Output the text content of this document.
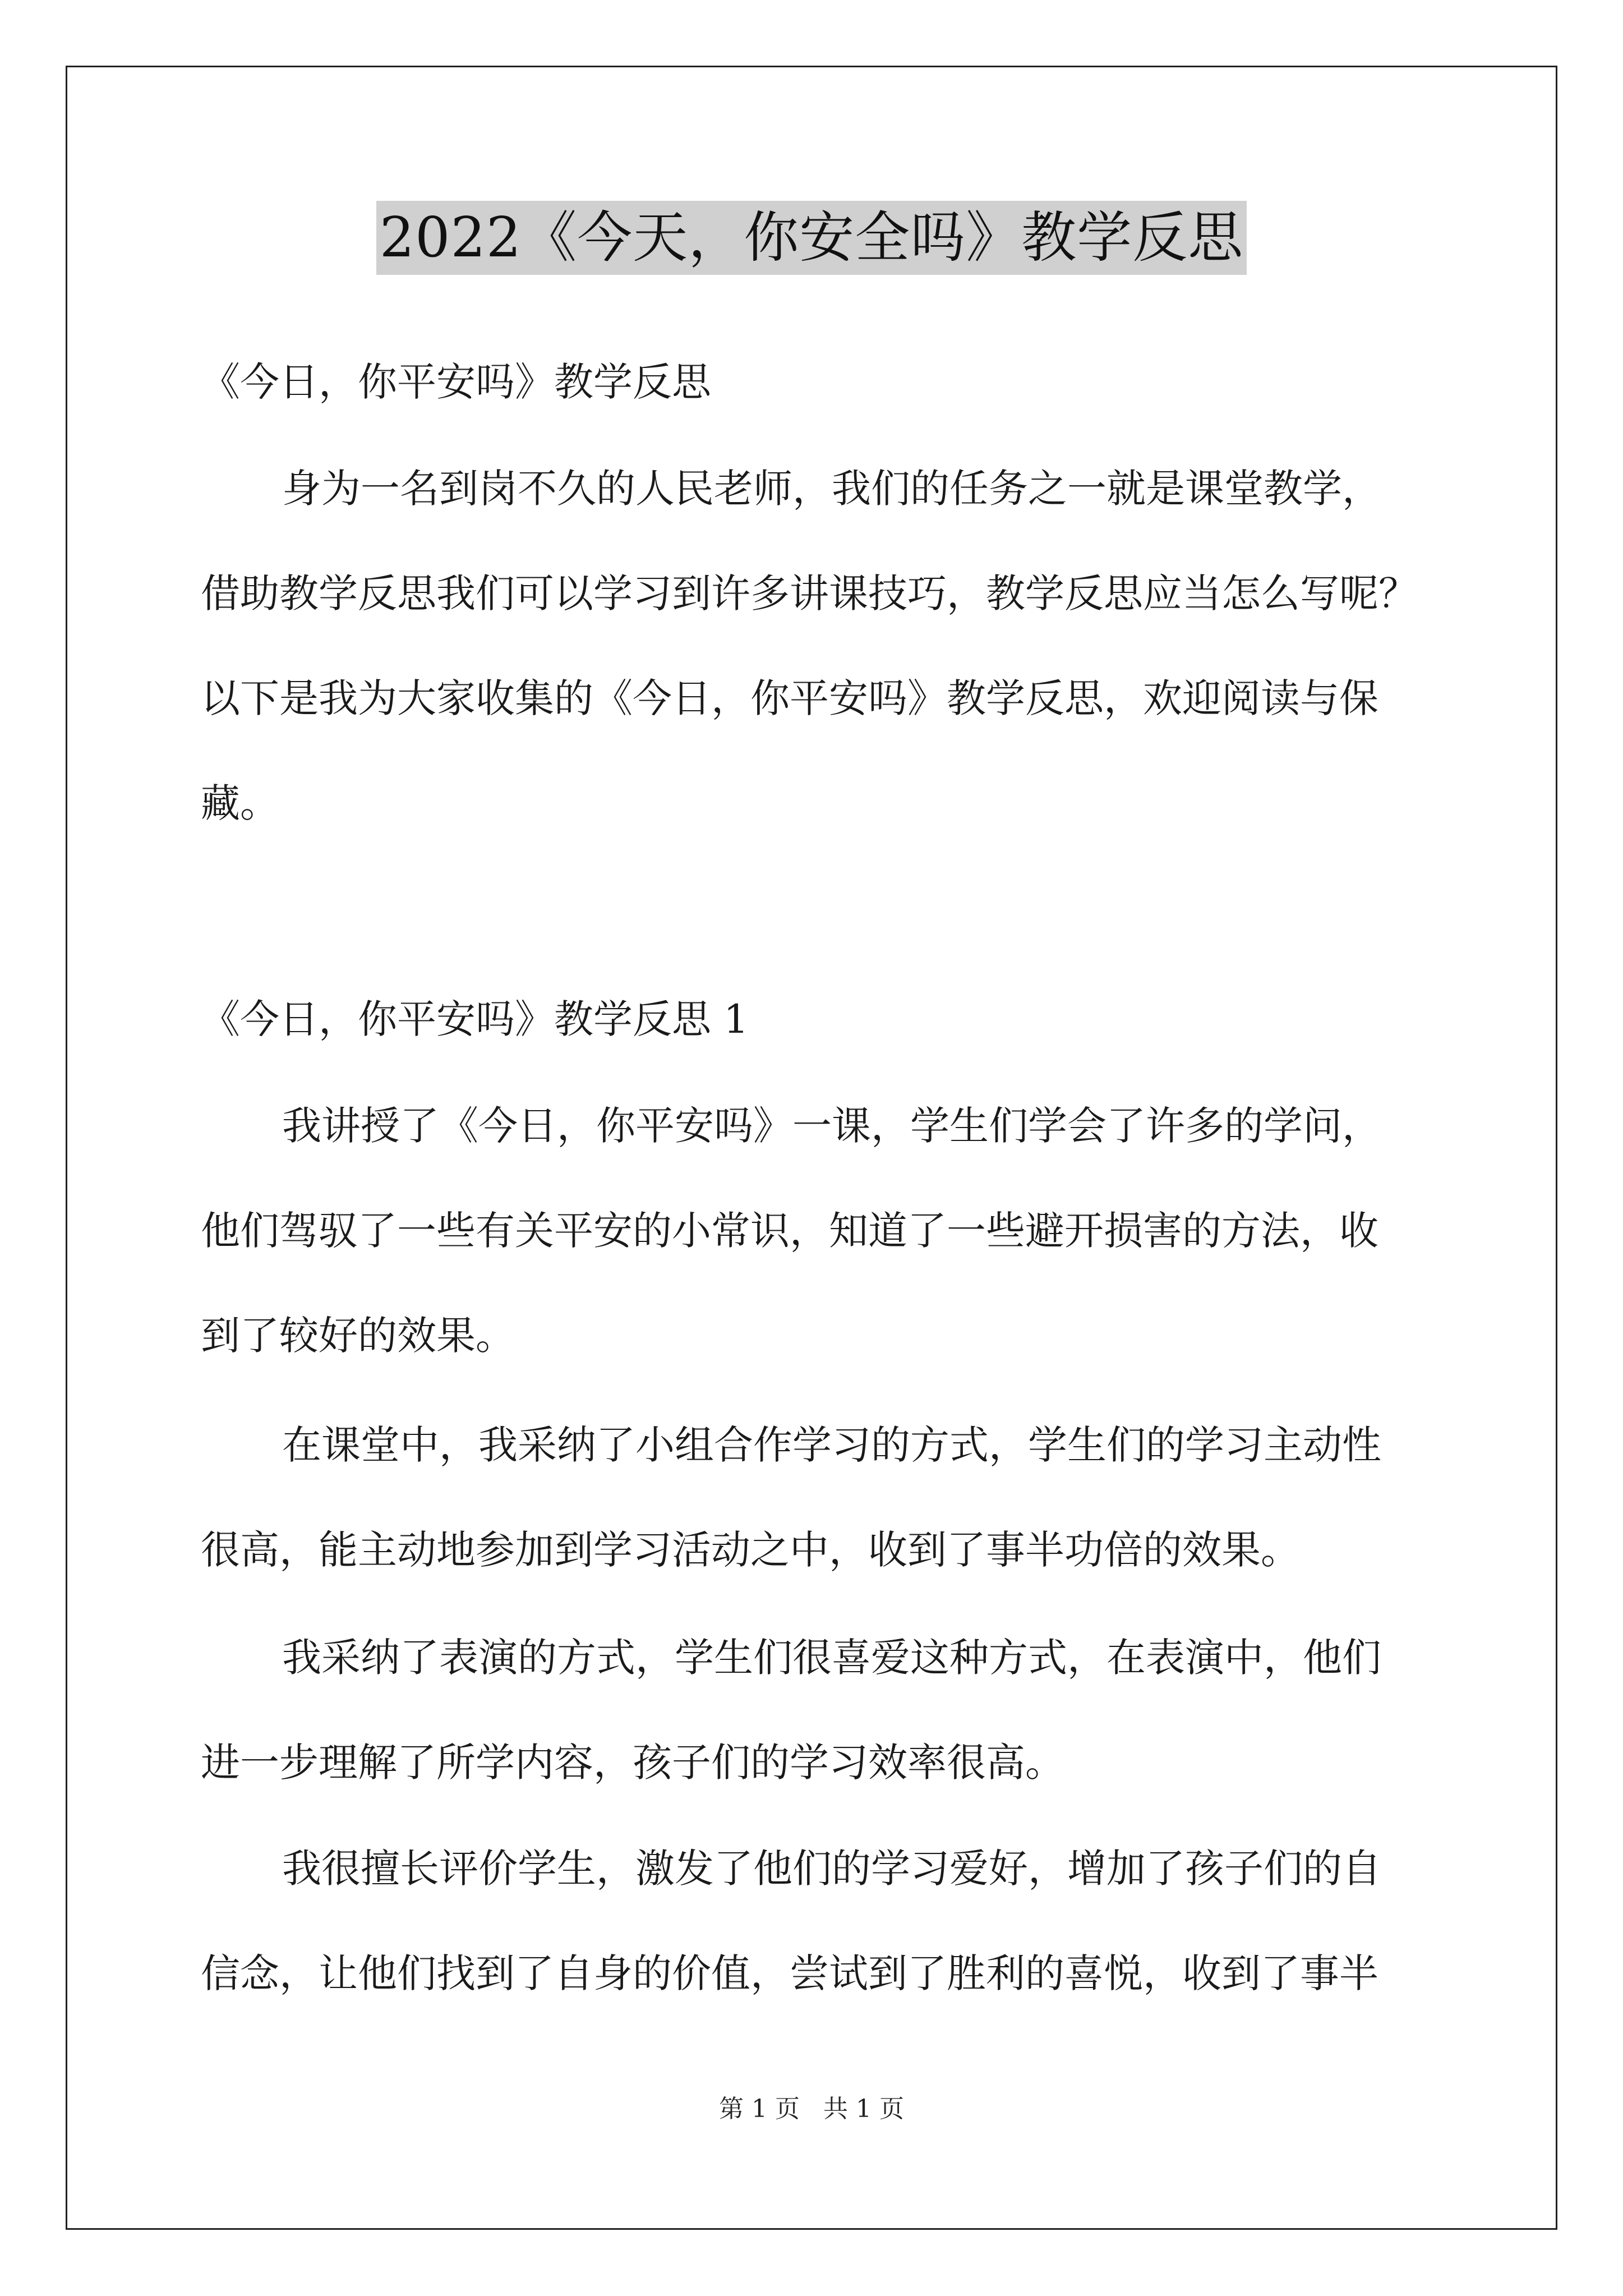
2022《今天，你安全吗》教学反思
《今日，你平安吗》教学反思
身为一名到岗不久的人民老师，我们的任务之一就是课堂教学，
借助教学反思我们可以学习到许多讲课技巧，教学反思应当怎么写呢？
以下是我为大家收集的《今日，你平安吗》教学反思，欢迎阅读与保
藏。
《今日，你平安吗》教学反思 1
我讲授了《今日，你平安吗》一课，学生们学会了许多的学问，
他们驾驭了一些有关平安的小常识，知道了一些避开损害的方法，收
到了较好的效果。
在课堂中，我采纳了小组合作学习的方式，学生们的学习主动性
很高，能主动地参加到学习活动之中，收到了事半功倍的效果。
我采纳了表演的方式，学生们很喜爱这种方式，在表演中，他们
进一步理解了所学内容，孩子们的学习效率很高。
我很擅长评价学生，激发了他们的学习爱好，增加了孩子们的自
信念，让他们找到了自身的价值，尝试到了胜利的喜悦，收到了事半
第 1 页   共 1 页
